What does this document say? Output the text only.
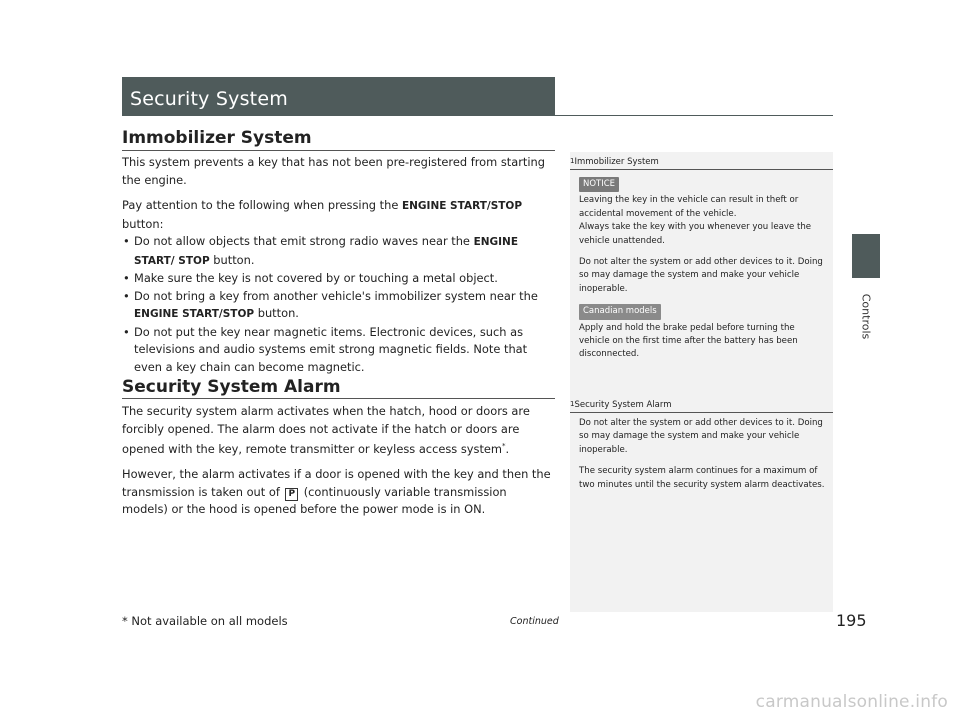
Security System
Controls
Immobilizer System

This system prevents a key that has not been pre-registered from starting the engine.

Pay attention to the following when pressing the ENGINE START/STOP button:
• Do not allow objects that emit strong radio waves near the ENGINE START/ STOP button.
• Make sure the key is not covered by or touching a metal object.
• Do not bring a key from another vehicle's immobilizer system near the ENGINE START/STOP button.
• Do not put the key near magnetic items. Electronic devices, such as televisions and audio systems emit strong magnetic fields. Note that even a key chain can become magnetic.
Security System Alarm

The security system alarm activates when the hatch, hood or doors are forcibly opened. The alarm does not activate if the hatch or doors are opened with the key, remote transmitter or keyless access system*.

However, the alarm activates if a door is opened with the key and then the transmission is taken out of P (continuously variable transmission models) or the hood is opened before the power mode is in ON.

$^1$Immobilizer System
NOTICE
Leaving the key in the vehicle can result in theft or accidental movement of the vehicle.

Always take the key with you whenever you leave the vehicle unattended.

Do not alter the system or add other devices to it. Doing so may damage the system and make your vehicle inoperable.

Canadian models
Apply and hold the brake pedal before turning the vehicle on the first time after the battery has been disconnected.
$^1$Security System Alarm

Do not alter the system or add other devices to it. Doing so may damage the system and make your vehicle inoperable.

The security system alarm continues for a maximum of two minutes until the security system alarm deactivates.

* Not available on all models	Continued	195
carmanualsonline.info
